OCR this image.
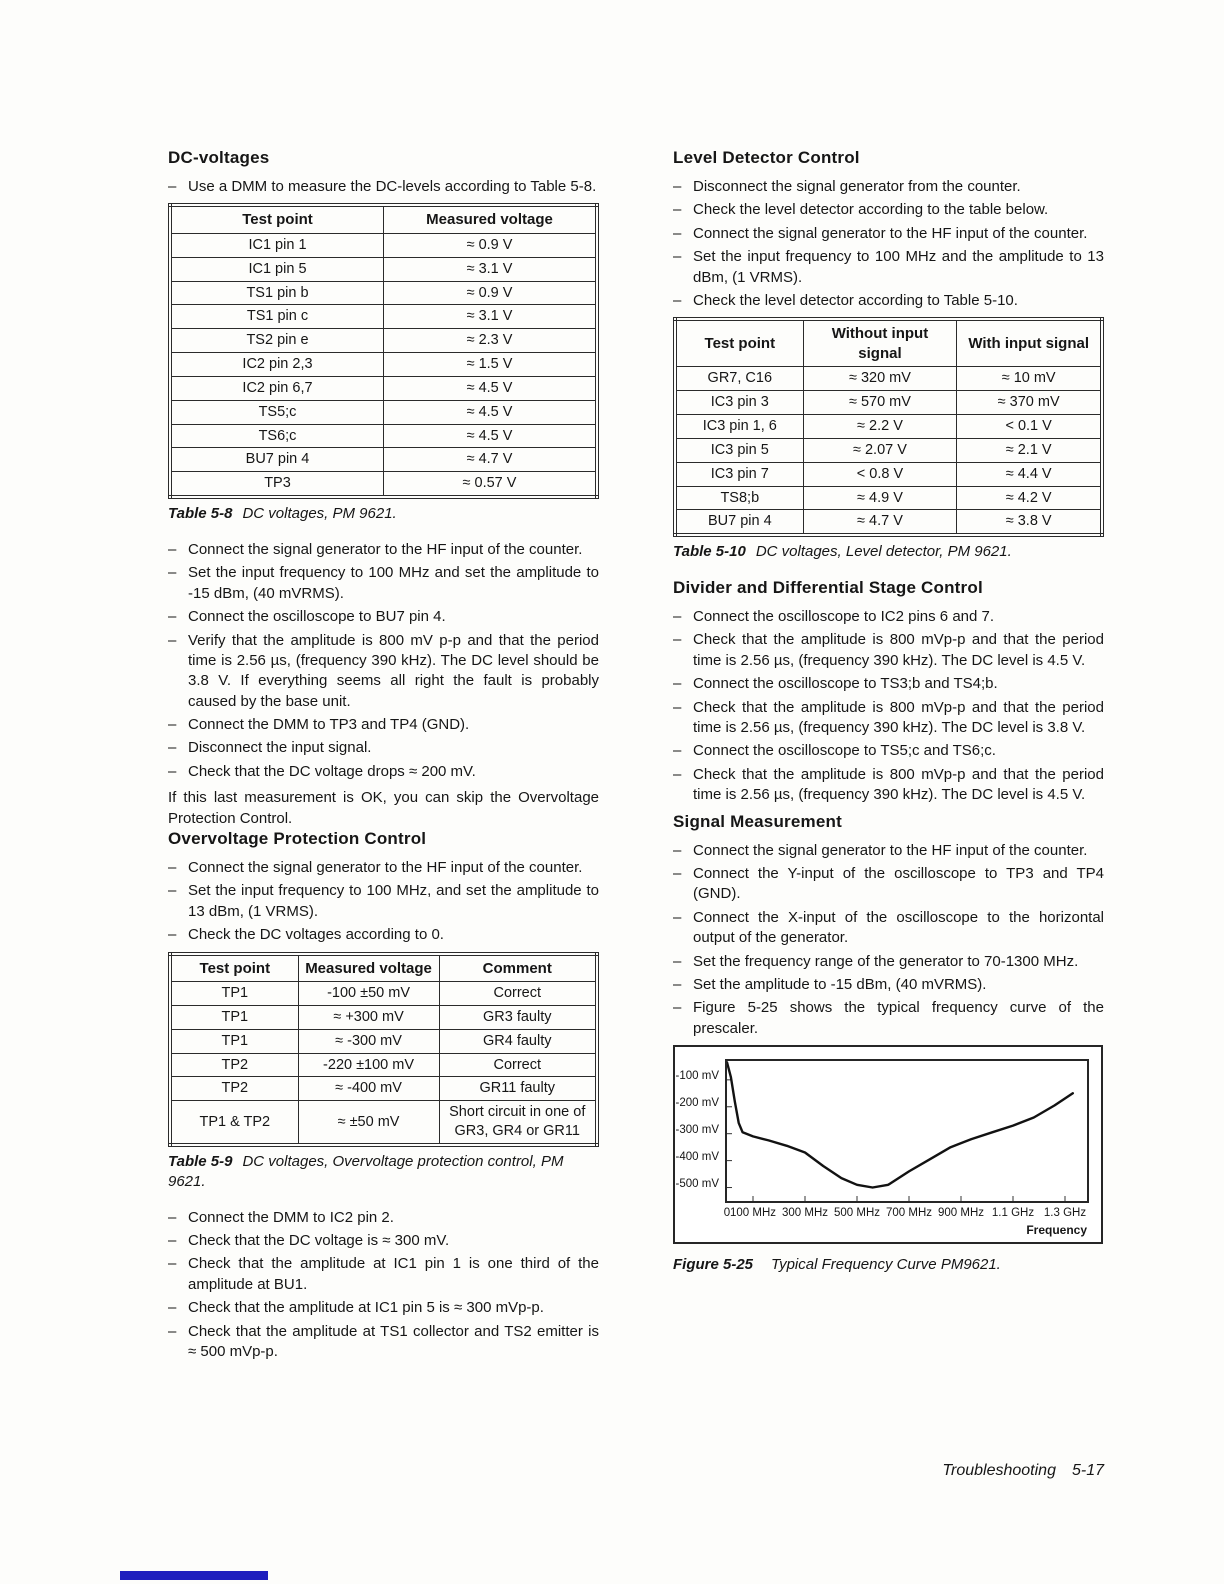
DC-voltages
– Use a DMM to measure the DC-levels according to Table 5-8.
Test point	Measured voltage
IC1 pin 1	≈ 0.9 V
IC1 pin 5	≈ 3.1 V
TS1 pin b	≈ 0.9 V
TS1 pin c	≈ 3.1 V
TS2 pin e	≈ 2.3 V
IC2 pin 2,3	≈ 1.5 V
IC2 pin 6,7	≈ 4.5 V
TS5;c	≈ 4.5 V
TS6;c	≈ 4.5 V
BU7 pin 4	≈ 4.7 V
TP3	≈ 0.57 V

Table 5-8 DC voltages, PM 9621.

– Connect the signal generator to the HF input of the counter.
– Set the input frequency to 100 MHz and set the amplitude to -15 dBm, (40 mVRMS).
– Connect the oscilloscope to BU7 pin 4.
– Verify that the amplitude is 800 mV p-p and that the period time is 2.56 µs, (frequency 390 kHz). The DC level should be 3.8 V. If everything seems all right the fault is probably caused by the base unit.
– Connect the DMM to TP3 and TP4 (GND).
– Disconnect the input signal.
– Check that the DC voltage drops ≈ 200 mV.

If this last measurement is OK, you can skip the Overvoltage Protection Control.

Overvoltage Protection Control
– Connect the signal generator to the HF input of the counter.
– Set the input frequency to 100 MHz, and set the amplitude to 13 dBm, (1 VRMS).
– Check the DC voltages according to 0.
Test point	Measured voltage	Comment
TP1	-100 ±50 mV	Correct
TP1	≈ +300 mV	GR3 faulty
TP1	≈ -300 mV	GR4 faulty
TP2	-220 ±100 mV	Correct
TP2	≈ -400 mV	GR11 faulty
TP1 & TP2	≈ ±50 mV	Short circuit in one of GR3, GR4 or GR11

Table 5-9 DC voltages, Overvoltage protection control, PM 9621.

– Connect the DMM to IC2 pin 2.
– Check that the DC voltage is ≈ 300 mV.
– Check that the amplitude at IC1 pin 1 is one third of the amplitude at BU1.
– Check that the amplitude at IC1 pin 5 is ≈ 300 mVp-p.
– Check that the amplitude at TS1 collector and TS2 emitter is ≈ 500 mVp-p.
Level Detector Control
– Disconnect the signal generator from the counter.
– Check the level detector according to the table below.
– Connect the signal generator to the HF input of the counter.
– Set the input frequency to 100 MHz and the amplitude to 13 dBm, (1 VRMS).
– Check the level detector according to Table 5-10.
Test point	Without input signal	With input signal
GR7, C16	≈ 320 mV	≈ 10 mV
IC3 pin 3	≈ 570 mV	≈ 370 mV
IC3 pin 1, 6	≈ 2.2 V	< 0.1 V
IC3 pin 5	≈ 2.07 V	≈ 2.1 V
IC3 pin 7	< 0.8 V	≈ 4.4 V
TS8;b	≈ 4.9 V	≈ 4.2 V
BU7 pin 4	≈ 4.7 V	≈ 3.8 V

Table 5-10 DC voltages, Level detector, PM 9621.

Divider and Differential Stage Control
– Connect the oscilloscope to IC2 pins 6 and 7.
– Check that the amplitude is 800 mVp-p and that the period time is 2.56 µs, (frequency 390 kHz). The DC level is 4.5 V.
– Connect the oscilloscope to TS3;b and TS4;b.
– Check that the amplitude is 800 mVp-p and that the period time is 2.56 µs, (frequency 390 kHz). The DC level is 3.8 V.
– Connect the oscilloscope to TS5;c and TS6;c.
– Check that the amplitude is 800 mVp-p and that the period time is 2.56 µs, (frequency 390 kHz). The DC level is 4.5 V.
Signal Measurement
– Connect the signal generator to the HF input of the counter.
– Connect the Y-input of the oscilloscope to TP3 and TP4 (GND).
– Connect the X-input of the oscilloscope to the horizontal output of the generator.
– Set the frequency range of the generator to 70-1300 MHz.
– Set the amplitude to -15 dBm, (40 mVRMS).
– Figure 5-25 shows the typical frequency curve of the prescaler.
-100 mV
-200 mV
-300 mV
-400 mV
-500 mV
0 100 MHz 300 MHz 500 MHz 700 MHz 900 MHz 1.1 GHz 1.3 GHz
Frequency

Figure 5-25 Typical Frequency Curve PM9621.

Troubleshooting 5-17
